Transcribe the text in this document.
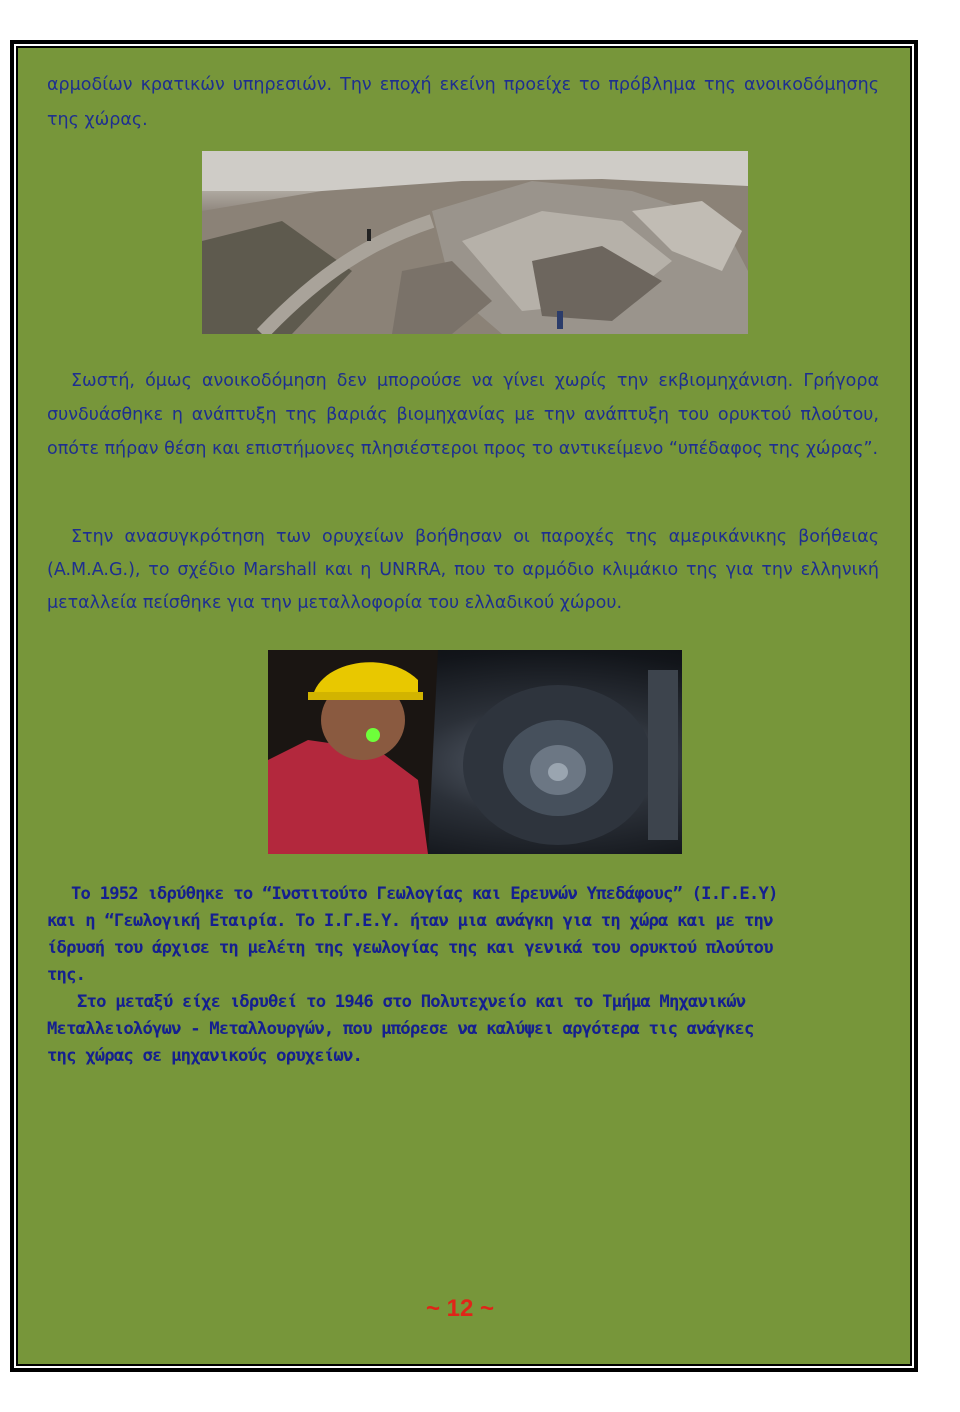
αρμοδίων κρατικών υπηρεσιών. Την εποχή εκείνη προείχε το πρόβλημα της ανοικοδόμησης της χώρας.

Σωστή, όμως ανοικοδόμηση δεν μπορούσε να γίνει χωρίς την εκβιομηχάνιση. Γρήγορα συνδυάσθηκε η ανάπτυξη της βαριάς βιομηχανίας με την ανάπτυξη του ορυκτού πλούτου, οπότε πήραν θέση και επιστήμονες πλησιέστεροι προς το αντικείμενο “υπέδαφος της χώρας”.

Στην ανασυγκρότηση των ορυχείων βοήθησαν οι παροχές της αμερικάνικης βοήθειας (A.M.A.G.), το σχέδιο Marshall και η UNRRA, που το αρμόδιο κλιμάκιο της για την ελληνική μεταλλεία πείσθηκε για την μεταλλοφορία του ελλαδικού χώρου.

Το 1952 ιδρύθηκε το “Ινστιτούτο Γεωλογίας και Ερευνών Υπεδάφους” (Ι.Γ.Ε.Υ)
και η “Γεωλογική Εταιρία. Το Ι.Γ.Ε.Υ. ήταν μια ανάγκη για τη χώρα και με την
ίδρυσή του άρχισε τη μελέτη της γεωλογίας της και γενικά του ορυκτού πλούτου
της.
Στο μεταξύ είχε ιδρυθεί το 1946 στο Πολυτεχνείο και το Τμήμα Μηχανικών
Μεταλλειολόγων - Μεταλλουργών, που μπόρεσε να καλύψει αργότερα τις ανάγκες
της χώρας σε μηχανικούς ορυχείων.
~ 12 ~
